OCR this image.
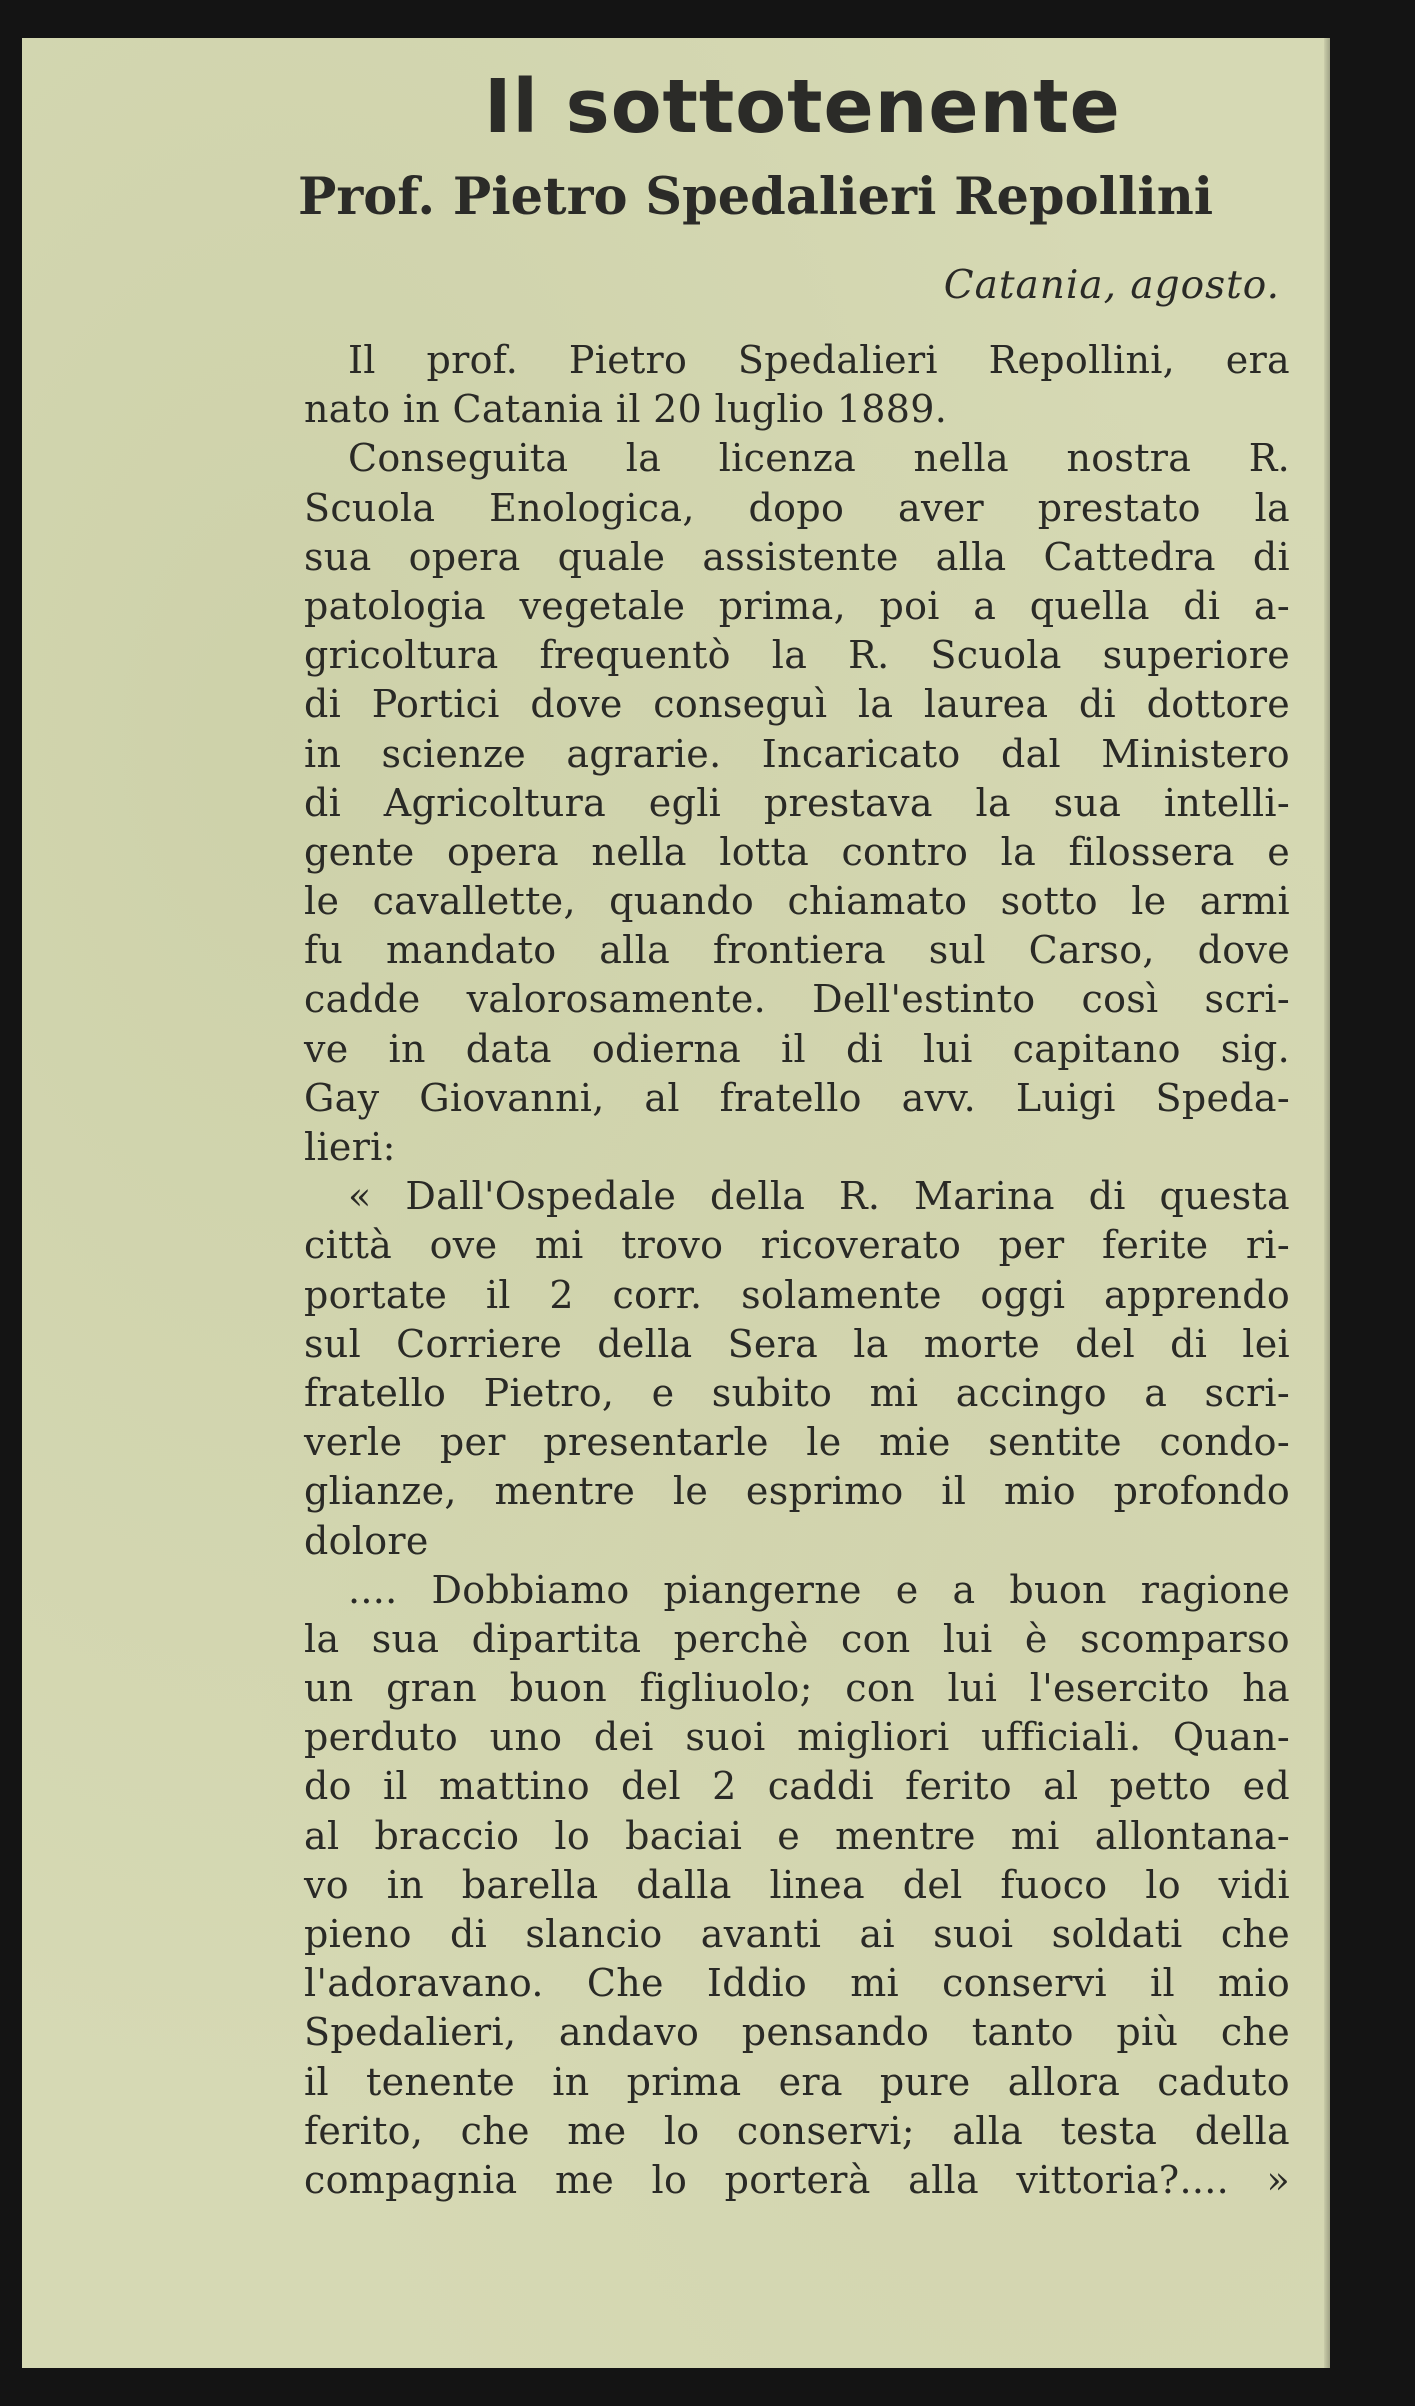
Il sottotenente
Prof. Pietro Spedalieri Repollini
Catania, agosto.
Il prof. Pietro Spedalieri Repollini, era
nato in Catania il 20 luglio 1889.
Conseguita la licenza nella nostra R.
Scuola Enologica, dopo aver prestato la
sua opera quale assistente alla Cattedra di
patologia vegetale prima, poi a quella di a-
gricoltura frequentò la R. Scuola superiore
di Portici dove conseguì la laurea di dottore
in scienze agrarie. Incaricato dal Ministero
di Agricoltura egli prestava la sua intelli-
gente opera nella lotta contro la filossera e
le cavallette, quando chiamato sotto le armi
fu mandato alla frontiera sul Carso, dove
cadde valorosamente. Dell'estinto così scri-
ve in data odierna il di lui capitano sig.
Gay Giovanni, al fratello avv. Luigi Speda-
lieri:
« Dall'Ospedale della R. Marina di questa
città ove mi trovo ricoverato per ferite ri-
portate il 2 corr. solamente oggi apprendo
sul Corriere della Sera la morte del di lei
fratello Pietro, e subito mi accingo a scri-
verle per presentarle le mie sentite condo-
glianze, mentre le esprimo il mio profondo
dolore
.... Dobbiamo piangerne e a buon ragione
la sua dipartita perchè con lui è scomparso
un gran buon figliuolo; con lui l'esercito ha
perduto uno dei suoi migliori ufficiali. Quan-
do il mattino del 2 caddi ferito al petto ed
al braccio lo baciai e mentre mi allontana-
vo in barella dalla linea del fuoco lo vidi
pieno di slancio avanti ai suoi soldati che
l'adoravano. Che Iddio mi conservi il mio
Spedalieri, andavo pensando tanto più che
il tenente in prima era pure allora caduto
ferito, che me lo conservi; alla testa della
compagnia me lo porterà alla vittoria?.... »
